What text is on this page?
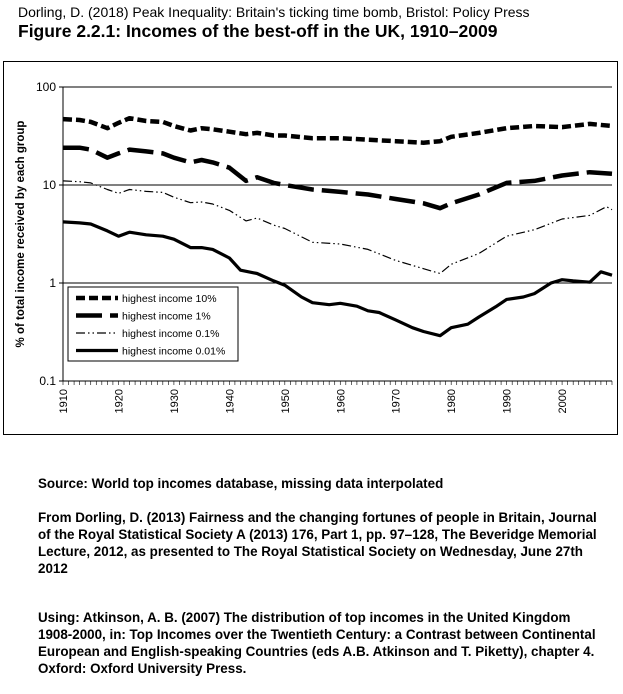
Dorling, D. (2018) Peak Inequality: Britain's ticking time bomb, Bristol: Policy Press
Figure 2.2.1: Incomes of the best-off in the UK, 1910–2009
100
10
1
0.1
1910	1920	1930	1940	1950	1960	1970	1980	1990	2000
% of total income received by each group	highest income 10%
highest income 1%
highest income 0.1%
highest income 0.01%

Source: World top incomes database, missing data interpolated

From Dorling, D. (2013) Fairness and the changing fortunes of people in Britain, Journal of the Royal Statistical Society A (2013) 176, Part 1, pp. 97–128, The Beveridge Memorial Lecture, 2012, as presented to The Royal Statistical Society on Wednesday, June 27th 2012

Using: Atkinson, A. B. (2007) The distribution of top incomes in the United Kingdom 1908-2000, in: Top Incomes over the Twentieth Century: a Contrast between Continental European and English-speaking Countries (eds A.B. Atkinson and T. Piketty), chapter 4. Oxford: Oxford University Press.
